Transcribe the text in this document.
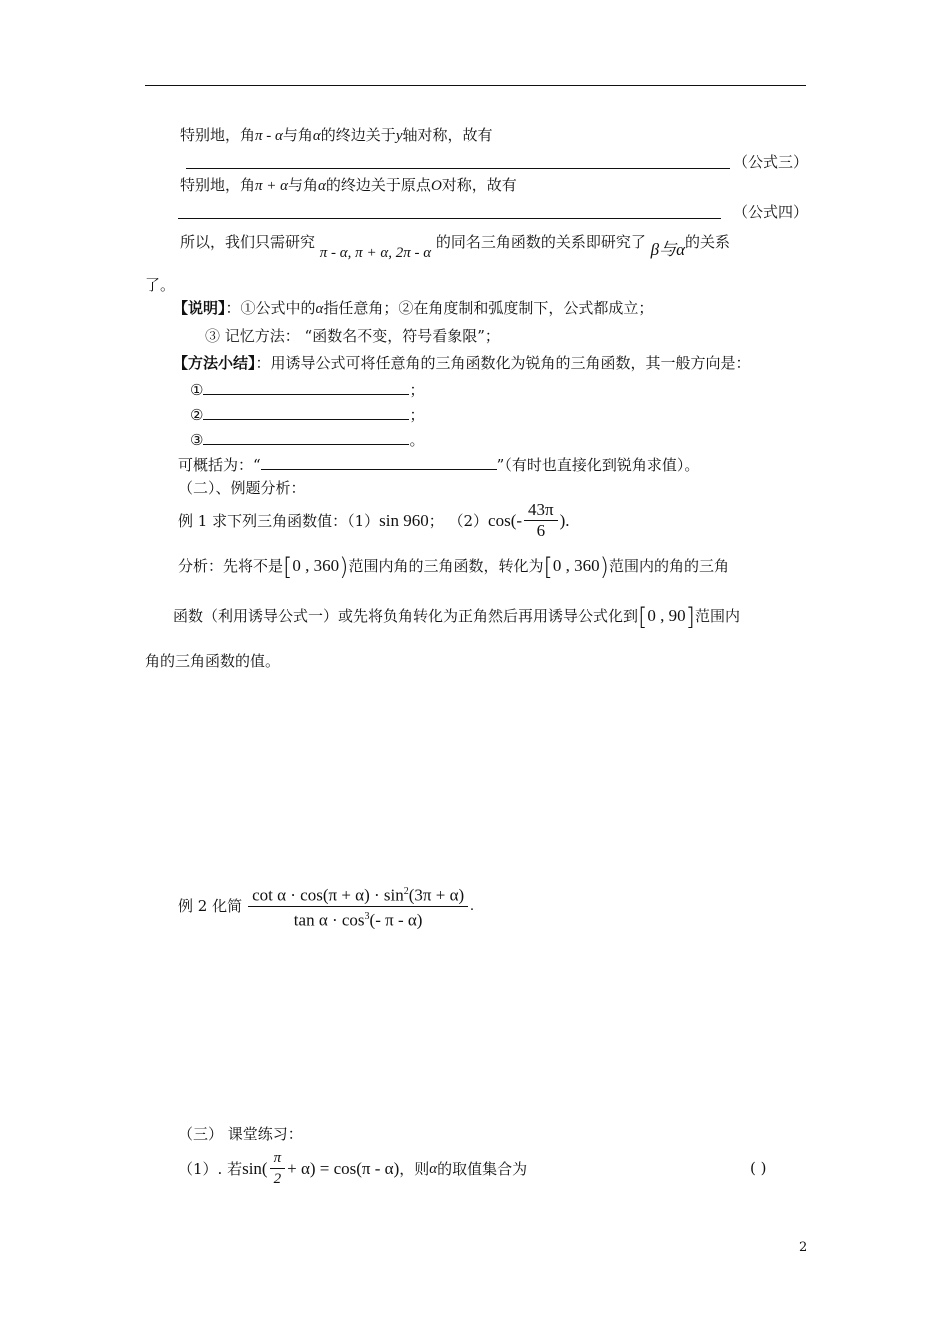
特别地，角π - α与角α的终边关于y轴对称，故有
（公式三）
特别地，角π + α与角α的终边关于原点O对称，故有
（公式四）
所以，我们只需研究 π - α, π + α, 2π - α 的同名三角函数的关系即研究了 β与α的关系
了。
【说明】：①公式中的α指任意角；②在角度制和弧度制下，公式都成立；
③ 记忆方法： “函数名不变，符号看象限”；
【方法小结】：用诱导公式可将任意角的三角函数化为锐角的三角函数，其一般方向是：
①	；
②	；
③	。
可概括为：“	”（有时也直接化到锐角求值）。
（二）、例题分析：
例 1 求下列三角函数值：（1） sin 960 ； （2） $\cos(- \frac{43\pi}{6}$ ).
分析：先将不是[0 , 360)范围内角的三角函数，转化为[0 , 360)范围内的角的三角
函数（利用诱导公式一）或先将负角转化为正角然后再用诱导公式化到[0 , 90]范围内
角的三角函数的值。
例 2 化简 $\frac{\cot \alpha \cdot \cos(\pi + \alpha) \cdot \sin^2(3\pi + \alpha)}{\tan \alpha \cdot \cos^3(- \pi - \alpha)}$ .
（三） 课堂练习：
（1）. 若 $\sin( \frac{\pi}{2} + \alpha) = \cos(\pi - \alpha)$ ，则 α 的取值集合为	( )
2
